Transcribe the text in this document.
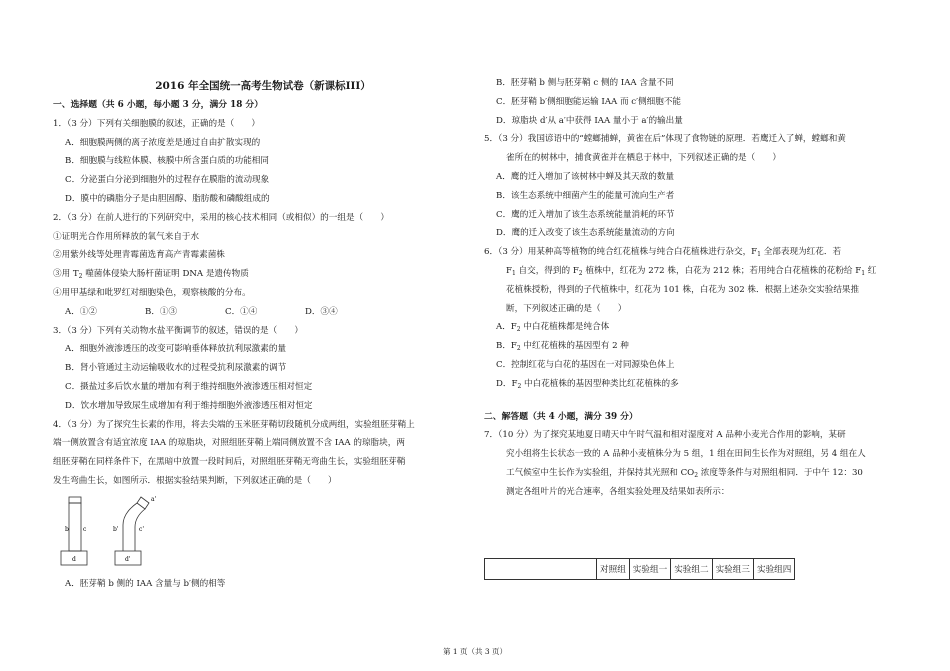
2016 年全国统一高考生物试卷（新课标III）
一、选择题（共 6 小题，每小题 3 分，满分 18 分）
1．（3 分）下列有关细胞膜的叙述，正确的是（　　）
A．细胞膜两侧的离子浓度差是通过自由扩散实现的
B．细胞膜与线粒体膜、核膜中所含蛋白质的功能相同
C．分泌蛋白分泌到细胞外的过程存在膜脂的流动现象
D．膜中的磷脂分子是由胆固醇、脂肪酸和磷酸组成的
2．（3 分）在前人进行的下列研究中，采用的核心技术相同（或相似）的一组是（　　）
①证明光合作用所释放的氧气来自于水
②用紫外线等处理青霉菌选育高产青霉素菌株
③用 $T_2$ 噬菌体侵染大肠杆菌证明 DNA 是遗传物质
④用甲基绿和吡罗红对细胞染色，观察核酸的分布。
A．①②	B．①③	C．①④	D．③④
3．（3 分）下列有关动物水盐平衡调节的叙述，错误的是（　　）
A．细胞外液渗透压的改变可影响垂体释放抗利尿激素的量
B．肾小管通过主动运输吸收水的过程受抗利尿激素的调节
C．摄盐过多后饮水量的增加有利于维持细胞外液渗透压相对恒定
D．饮水增加导致尿生成增加有利于维持细胞外液渗透压相对恒定
4．（3 分）为了探究生长素的作用，将去尖端的玉米胚芽鞘切段随机分成两组，实验组胚芽鞘上
端一侧放置含有适宜浓度 IAA 的琼脂块，对照组胚芽鞘上端同侧放置不含 IAA 的琼脂块，两
组胚芽鞘在同样条件下，在黑暗中放置一段时间后，对照组胚芽鞘无弯曲生长，实验组胚芽鞘
发生弯曲生长，如图所示．根据实验结果判断，下列叙述正确的是（　　）
b c
d
a'
b'	c'
d'
A．胚芽鞘 b 侧的 IAA 含量与 b′侧的相等
B．胚芽鞘 b 侧与胚芽鞘 c 侧的 IAA 含量不同
C．胚芽鞘 b′侧细胞能运输 IAA 而 c′侧细胞不能
D．琼脂块 d′从 a′中获得 IAA 量小于 a′的输出量
5．（3 分）我国谚语中的“螳螂捕蝉，黄雀在后”体现了食物链的原理．若鹰迁入了蝉，螳螂和黄
雀所在的树林中，捕食黄雀并在栖息于林中，下列叙述正确的是（　　）
A．鹰的迁入增加了该树林中蝉及其天敌的数量
B．该生态系统中细菌产生的能量可流向生产者
C．鹰的迁入增加了该生态系统能量消耗的环节
D．鹰的迁入改变了该生态系统能量流动的方向
6．（3 分）用某种高等植物的纯合红花植株与纯合白花植株进行杂交，$F_1$ 全部表现为红花．若
$F_1$ 自交，得到的 $F_2$ 植株中，红花为 272 株，白花为 212 株；若用纯合白花植株的花粉给 $F_1$ 红
花植株授粉，得到的子代植株中，红花为 101 株，白花为 302 株．根据上述杂交实验结果推
断，下列叙述正确的是（　　）
A．$F_2$ 中白花植株都是纯合体
B．$F_2$ 中红花植株的基因型有 2 种
C．控制红花与白花的基因在一对同源染色体上
D．$F_2$ 中白花植株的基因型种类比红花植株的多
二、解答题（共 4 小题，满分 39 分）
7．（10 分）为了探究某地夏日晴天中午时气温和相对湿度对 A 品种小麦光合作用的影响，某研
究小组将生长状态一致的 A 品种小麦植株分为 5 组，1 组在田间生长作为对照组，另 4 组在人
工气候室中生长作为实验组，并保持其光照和 $CO_2$ 浓度等条件与对照组相同．于中午 12：30
测定各组叶片的光合速率，各组实验处理及结果如表所示：
	对照组	实验组一	实验组二	实验组三	实验组四
第 1 页（共 3 页）
